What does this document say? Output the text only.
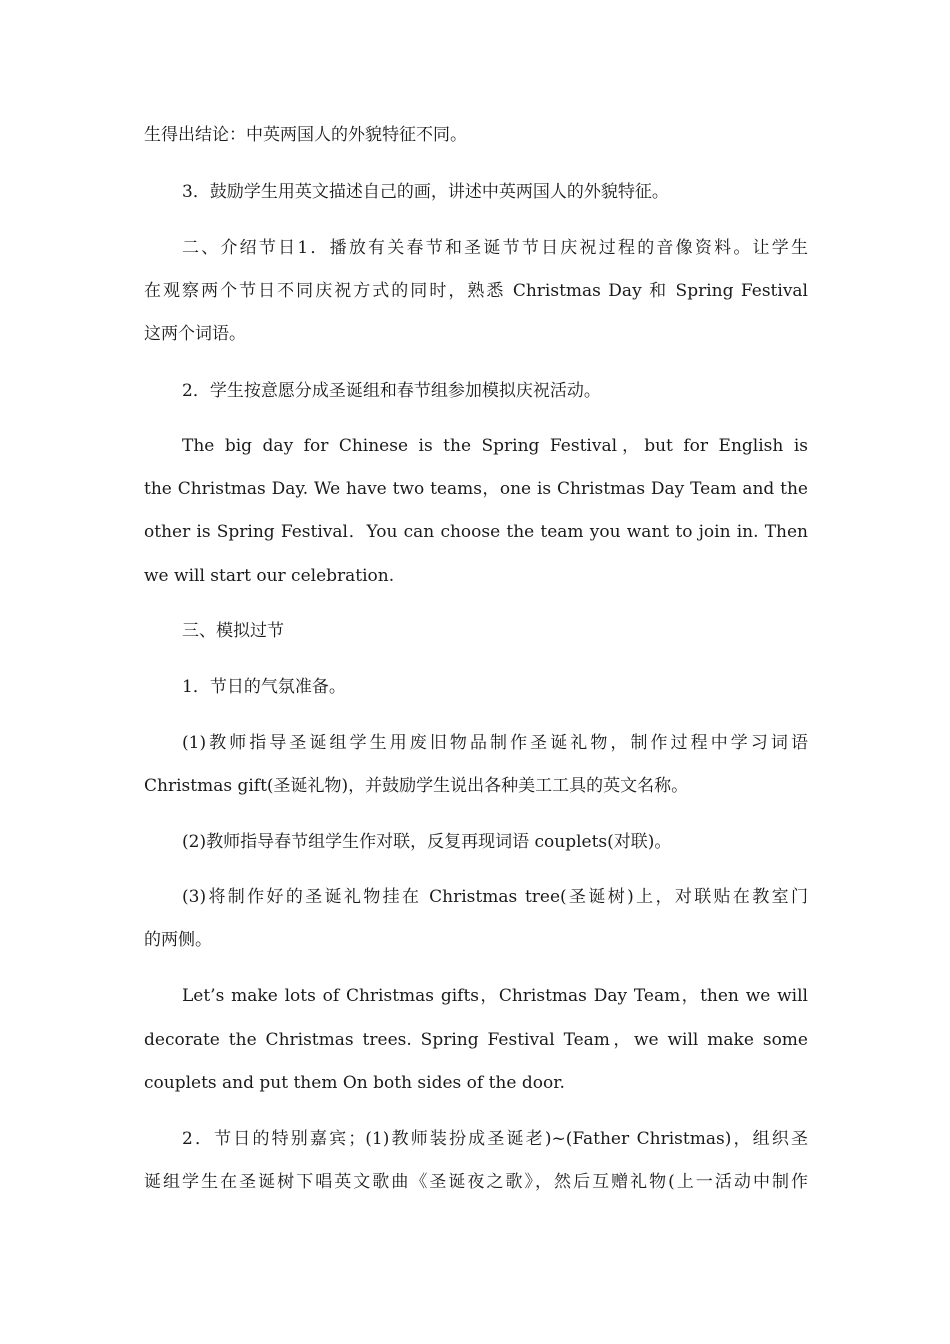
生得出结论：中英两国人的外貌特征不同。
3．鼓励学生用英文描述自己的画，讲述中英两国人的外貌特征。
二、介绍节日1．播放有关春节和圣诞节节日庆祝过程的音像资料。让学生
在观察两个节日不同庆祝方式的同时，熟悉 Christmas Day 和 Spring Festival
这两个词语。
2．学生按意愿分成圣诞组和春节组参加模拟庆祝活动。
The big day for Chinese is the Spring Festival，but for English is
the Christmas Day. We have two teams，one is Christmas Day Team and the
other is Spring Festival．You can choose the team you want to join in. Then
we will start our celebration.
三、模拟过节
1．节日的气氛准备。
(1)教师指导圣诞组学生用废旧物品制作圣诞礼物，制作过程中学习词语
Christmas gift(圣诞礼物)，并鼓励学生说出各种美工工具的英文名称。
(2)教师指导春节组学生作对联，反复再现词语 couplets(对联)。
(3)将制作好的圣诞礼物挂在 Christmas tree(圣诞树)上，对联贴在教室门
的两侧。
Let’s make lots of Christmas gifts，Christmas Day Team，then we will
decorate the Christmas trees. Spring Festival Team，we will make some
couplets and put them On both sides of the door.
2．节日的特别嘉宾；(1)教师装扮成圣诞老)~(Father Christmas)，组织圣
诞组学生在圣诞树下唱英文歌曲《圣诞夜之歌》，然后互赠礼物(上一活动中制作
